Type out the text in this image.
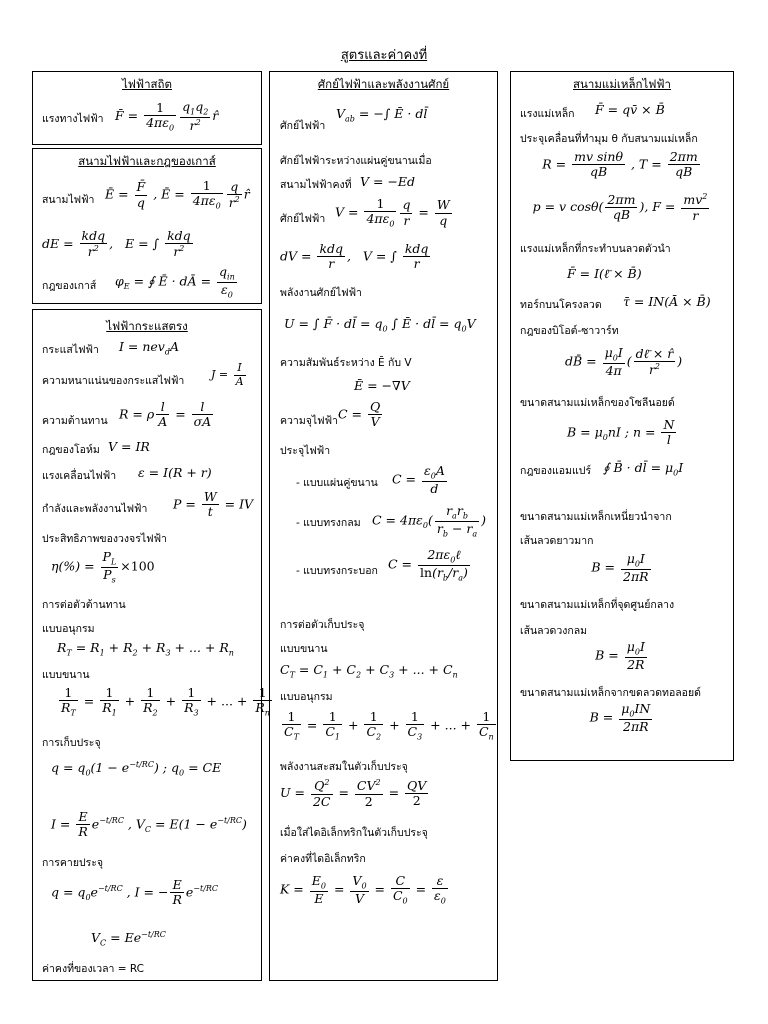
สูตรและค่าคงที่
ไฟฟ้าสถิต
แรงทางไฟฟ้า F̄ = $\frac{1}{4\pi\varepsilon_0} \frac{q_1q_2}{r^2}$ r̂
สนามไฟฟ้าและกฎของเกาส์
สนามไฟฟ้า Ē = $\frac{F̄}{q}$ , Ē = $\frac{1}{4\pi\varepsilon_0} \frac{q}{r^2}$ r̂
dE = $\frac{\text{kdq}}{r^2}$ ,   E = ∫ $\frac{\text{kdq}}{r^2}$
กฎของเกาส์ $\varphi_E$ = ∮ Ē · dĀ = $\frac{q_{in}}{\varepsilon_0}$
ไฟฟ้ากระแสตรง
กระแสไฟฟ้า I = nev$_d$A
ความหนาแน่นของกระแสไฟฟ้า $J = \frac{I}{A}$
ความต้านทาน R = ρ $\frac{l}{A} = \frac{l}{\sigma A}$
กฎของโอห์ม V = IR
แรงเคลื่อนไฟฟ้า ε = I(R + r)
กำลังและพลังงานไฟฟ้า $P = \frac{W}{t}$ = IV
ประสิทธิภาพของวงจรไฟฟ้า
$\eta(\%) = \frac{P_L}{P_s} \times 100$
การต่อตัวต้านทาน
แบบอนุกรม
$R_T = R_1 + R_2 + R_3$ + ... + $R_n$
แบบขนาน
$\frac{1}{R_T} = \frac{1}{R_1} + \frac{1}{R_2} + \frac{1}{R_3}$ + ... + $\frac{1}{R_n}$
การเก็บประจุ
$q = q_0(1 - e^{-t/RC})$ ; $q_0$ = CE
$I = \frac{E}{R} e^{-t/RC}$ , $V_C = E(1 - e^{-t/RC})$
การคายประจุ
$q = q_0e^{-t/RC}$ , I = − $\frac{E}{R} e^{-t/RC}$
$V_C = Ee^{-t/RC}$
ค่าคงที่ของเวลา = RC
ศักย์ไฟฟ้าและพลังงานศักย์
ศักย์ไฟฟ้า
$V_{ab}$ = −∫ Ē · dl̄
ศักย์ไฟฟ้าระหว่างแผ่นคู่ขนานเมื่อ
สนามไฟฟ้าคงที่ V = −Ed
ศักย์ไฟฟ้า $V = \frac{1}{4\pi\varepsilon_0} \frac{q}{r} = \frac{W}{q}$
dV = $\frac{\text{kdq}}{r}$ ,   V = ∫ $\frac{\text{kdq}}{r}$
พลังงานศักย์ไฟฟ้า
U = ∫ F̄ · dl̄ = $q_0$ ∫ Ē · dl̄ = $q_0V$
ความสัมพันธ์ระหว่าง Ē กับ V
Ē = −∇̄V
ความจุไฟฟ้า $C = \frac{Q}{V}$
ประจุไฟฟ้า
- แบบแผ่นคู่ขนาน $C = \frac{\varepsilon_0A}{d}$
- แบบทรงกลม $C = 4\pi\varepsilon_0( \frac{r_ar_b}{r_b - r_a}$ )
- แบบทรงกระบอก $C = \frac{2\pi\varepsilon_0\ell}{\ln(r_b/r_a)}$
การต่อตัวเก็บประจุ
แบบขนาน
$C_T = C_1 + C_2 + C_3$ + ... + $C_n$
แบบอนุกรม
$\frac{1}{C_T} = \frac{1}{C_1} + \frac{1}{C_2} + \frac{1}{C_3}$ + ... + $\frac{1}{C_n}$
พลังงานสะสมในตัวเก็บประจุ
$U = \frac{Q^2}{2C} = \frac{CV^2}{2} = \frac{QV}{2}$
เมื่อใส่ไดอิเล็กทริกในตัวเก็บประจุ
ค่าคงที่ไดอิเล็กทริก
$K = \frac{E_0}{E} = \frac{V_0}{V} = \frac{C}{C_0} = \frac{\varepsilon}{\varepsilon_0}$
สนามแม่เหล็กไฟฟ้า
แรงแม่เหล็ก F̄ = qv̄ × B̄
ประจุเคลื่อนที่ทำมุม θ กับสนามแม่เหล็ก
$R = \frac{\text{mv sinθ}}{qB}$ , $T = \frac{2\pi m}{qB}$
p = v $\cos\theta( \frac{2\pi m}{qB}$ ), $F = \frac{mv^2}{r}$
แรงแม่เหล็กที่กระทำบนลวดตัวนำ
F̄ = I(ℓ̄ × B̄)
ทอร์กบนโครงลวด τ̄ = IN(Ā × B̄)
กฎของบิโอต์-ซาวาร์ท
dB̄ = $\frac{\mu_0I}{4\pi}$ ( $\frac{\text{dℓ̄ × r̂}}{r^2}$ )
ขนาดสนามแม่เหล็กของโซลีนอยด์
$B = \mu_0nI$ ; $n = \frac{N}{l}$
กฎของแอมแปร์ ∮ B̄ · dl̄ = $\mu_0I$
ขนาดสนามแม่เหล็กเหนี่ยวนำจาก
เส้นลวดยาวมาก
$B = \frac{\mu_0I}{2\pi R}$
ขนาดสนามแม่เหล็กที่จุดศูนย์กลาง
เส้นลวดวงกลม
$B = \frac{\mu_0I}{2R}$
ขนาดสนามแม่เหล็กจากขดลวดทอลอยด์
$B = \frac{\mu_0IN}{2\pi R}$
